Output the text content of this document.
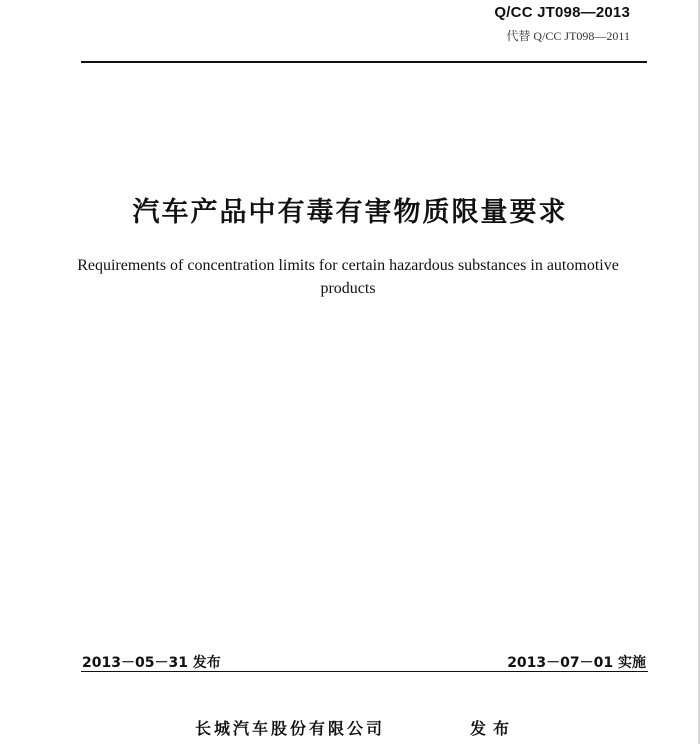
Q/CC JT098—2013
代替 Q/CC JT098—2011
汽车产品中有毒有害物质限量要求
Requirements of concentration limits for certain hazardous substances in automotive
products
2013－05－31 发布	2013－07－01 实施
长城汽车股份有限公司	发布
